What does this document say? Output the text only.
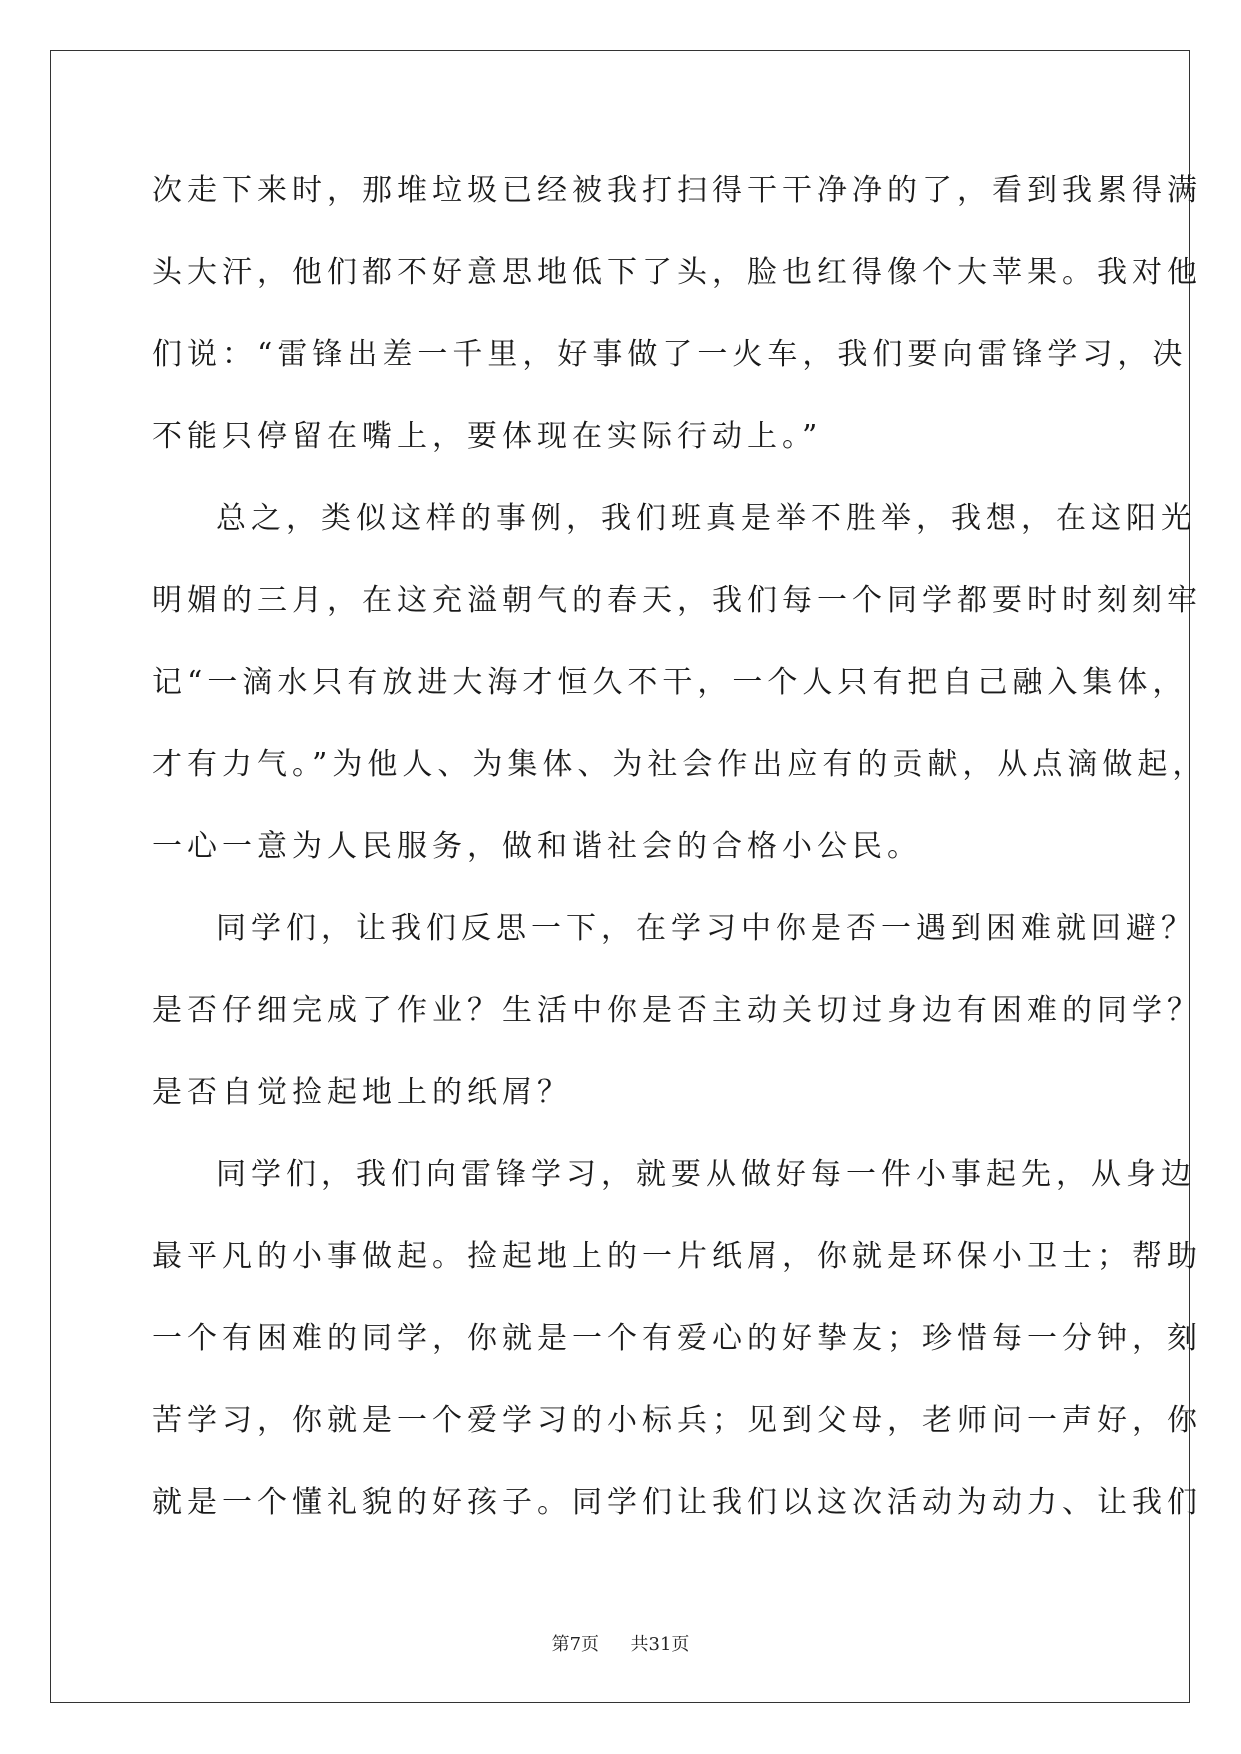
次走下来时，那堆垃圾已经被我打扫得干干净净的了，看到我累得满
头大汗，他们都不好意思地低下了头，脸也红得像个大苹果。我对他
们说：“雷锋出差一千里，好事做了一火车，我们要向雷锋学习，决
不能只停留在嘴上，要体现在实际行动上。”
总之，类似这样的事例，我们班真是举不胜举，我想，在这阳光
明媚的三月，在这充溢朝气的春天，我们每一个同学都要时时刻刻牢
记“一滴水只有放进大海才恒久不干，一个人只有把自己融入集体，
才有力气。”为他人、为集体、为社会作出应有的贡献，从点滴做起，
一心一意为人民服务，做和谐社会的合格小公民。
同学们，让我们反思一下，在学习中你是否一遇到困难就回避？
是否仔细完成了作业？生活中你是否主动关切过身边有困难的同学？
是否自觉捡起地上的纸屑？
同学们，我们向雷锋学习，就要从做好每一件小事起先，从身边
最平凡的小事做起。捡起地上的一片纸屑，你就是环保小卫士；帮助
一个有困难的同学，你就是一个有爱心的好挚友；珍惜每一分钟，刻
苦学习，你就是一个爱学习的小标兵；见到父母，老师问一声好，你
就是一个懂礼貌的好孩子。同学们让我们以这次活动为动力、让我们
第7页 共31页
